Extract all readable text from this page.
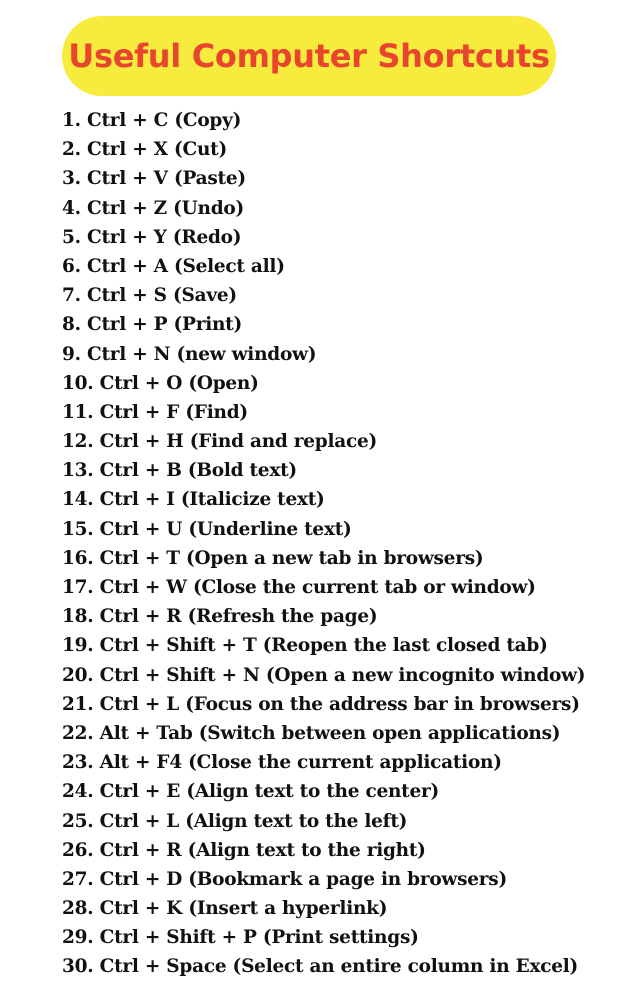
Useful Computer Shortcuts
1. Ctrl + C (Copy)
2. Ctrl + X (Cut)
3. Ctrl + V (Paste)
4. Ctrl + Z (Undo)
5. Ctrl + Y (Redo)
6. Ctrl + A (Select all)
7. Ctrl + S (Save)
8. Ctrl + P (Print)
9. Ctrl + N (new window)
10. Ctrl + O (Open)
11. Ctrl + F (Find)
12. Ctrl + H (Find and replace)
13. Ctrl + B (Bold text)
14. Ctrl + I (Italicize text)
15. Ctrl + U (Underline text)
16. Ctrl + T (Open a new tab in browsers)
17. Ctrl + W (Close the current tab or window)
18. Ctrl + R (Refresh the page)
19. Ctrl + Shift + T (Reopen the last closed tab)
20. Ctrl + Shift + N (Open a new incognito window)
21. Ctrl + L (Focus on the address bar in browsers)
22. Alt + Tab (Switch between open applications)
23. Alt + F4 (Close the current application)
24. Ctrl + E (Align text to the center)
25. Ctrl + L (Align text to the left)
26. Ctrl + R (Align text to the right)
27. Ctrl + D (Bookmark a page in browsers)
28. Ctrl + K (Insert a hyperlink)
29. Ctrl + Shift + P (Print settings)
30. Ctrl + Space (Select an entire column in Excel)
